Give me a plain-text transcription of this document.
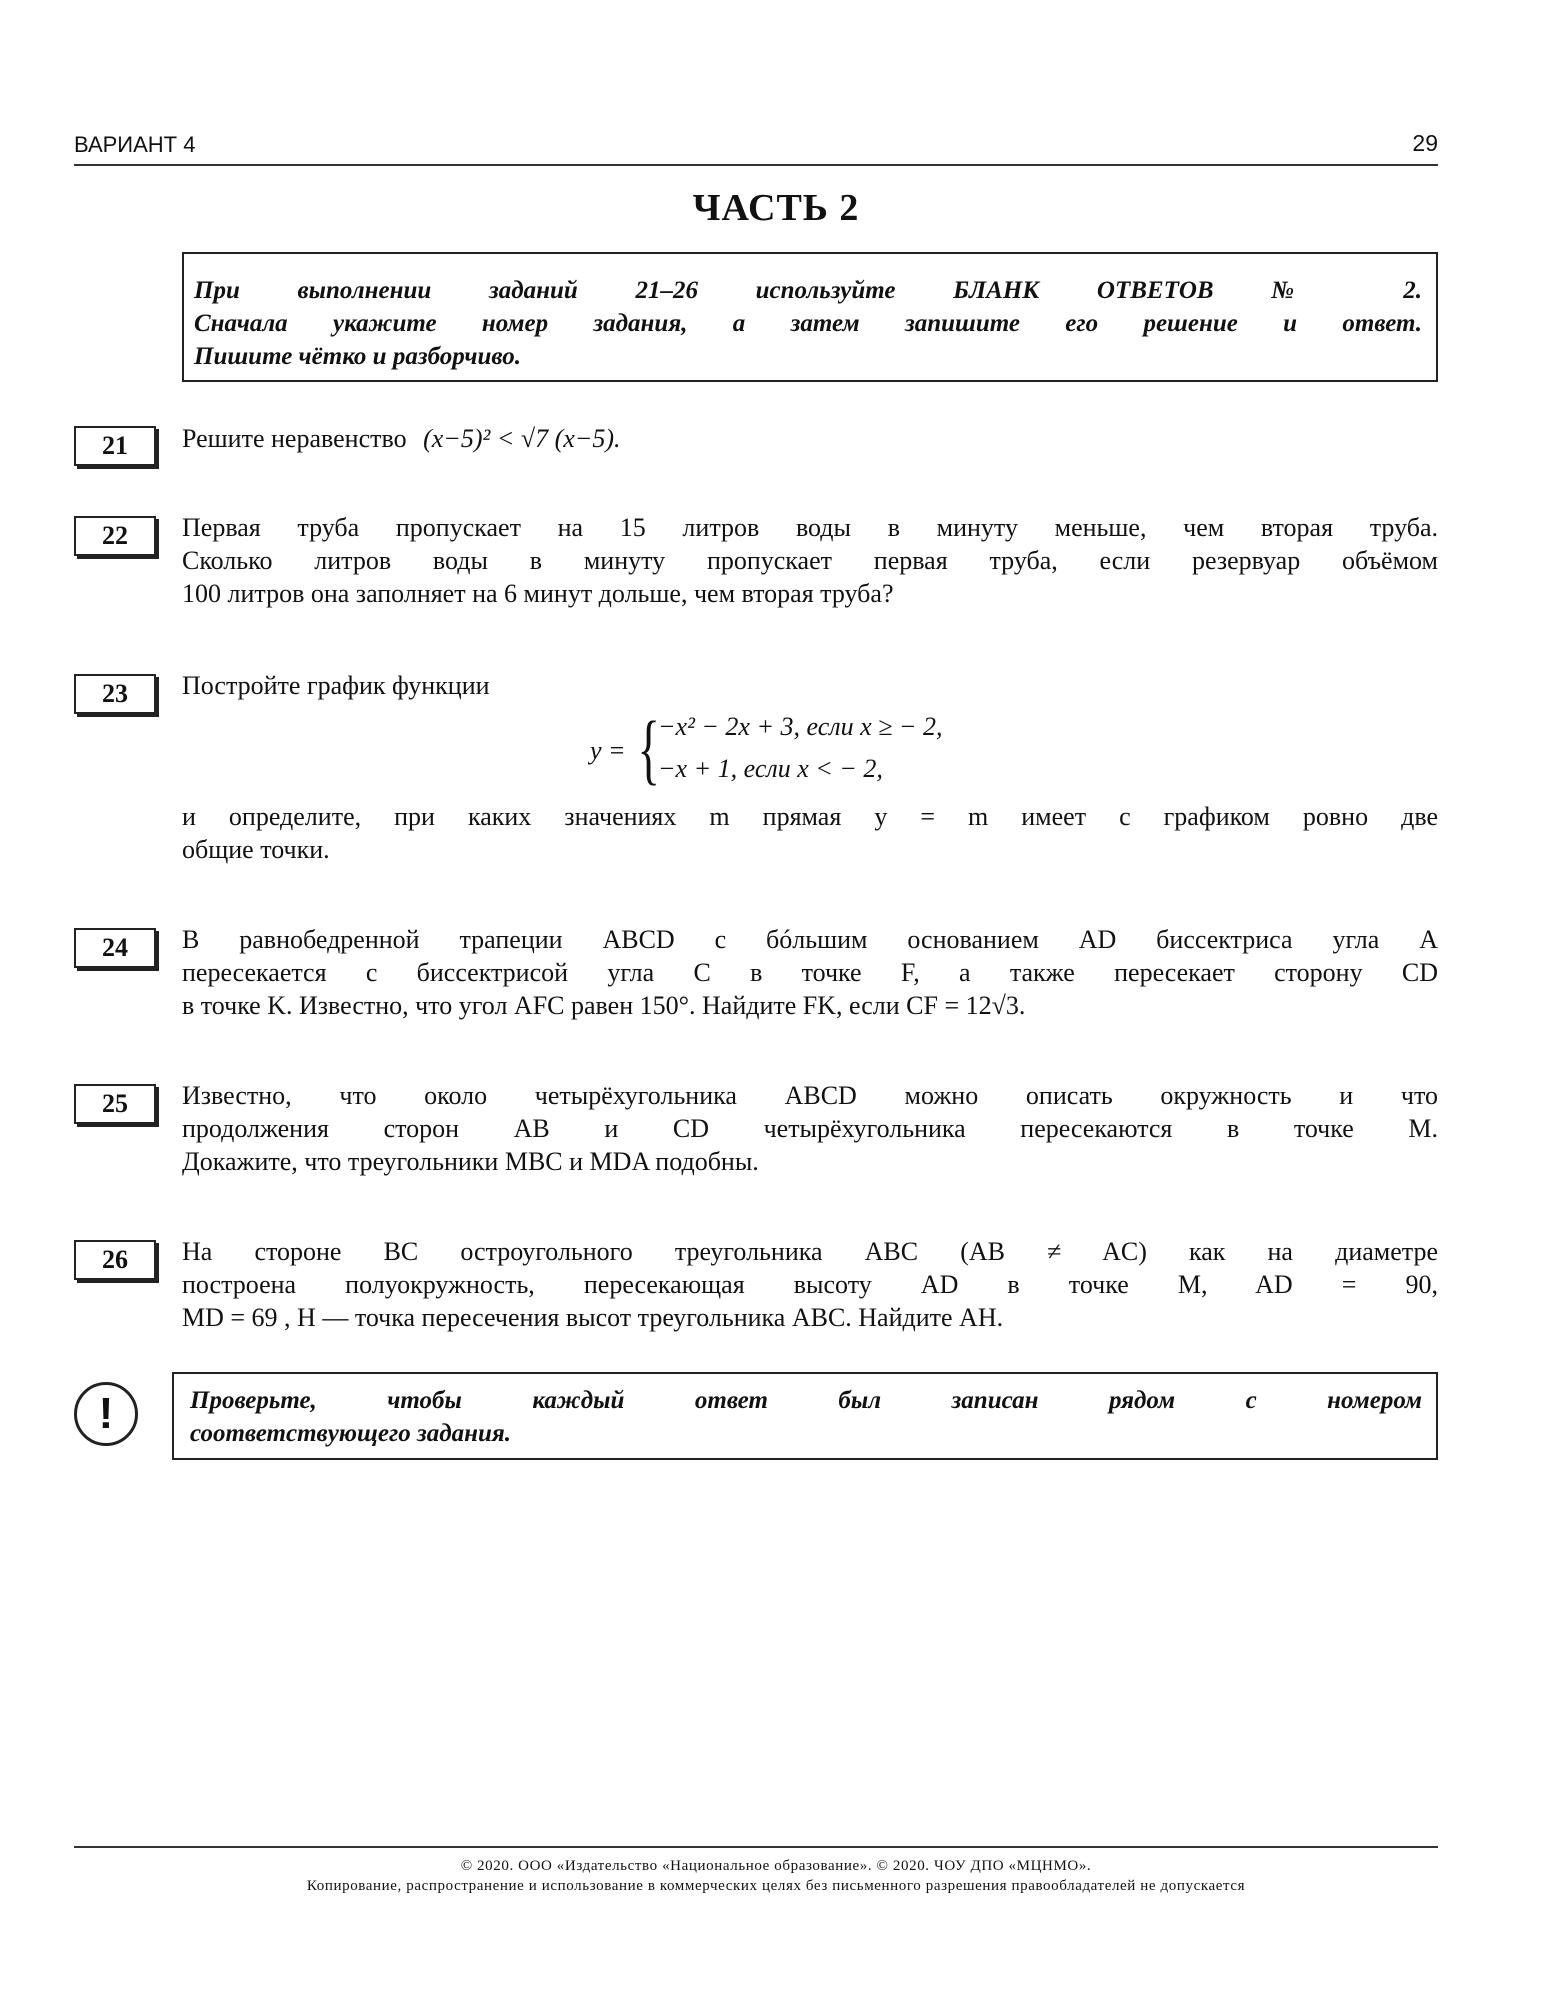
ВАРИАНТ 4	29
ЧАСТЬ 2
При выполнении заданий 21–26 используйте БЛАНК ОТВЕТОВ № 2.
Сначала укажите номер задания, а затем запишите его решение и ответ.
Пишите чётко и разборчиво.
21	Решите неравенство (x−5)² < √7 (x−5).
22	Первая труба пропускает на 15 литров воды в минуту меньше, чем вторая труба.
Сколько литров воды в минуту пропускает первая труба, если резервуар объёмом
100 литров она заполняет на 6 минут дольше, чем вторая труба?
23	Постройте график функции
y = {
−x² − 2x + 3, если x ≥ − 2,
−x + 1, если x < − 2,
и определите, при каких значениях m прямая y = m имеет с графиком ровно две
общие точки.
24	В равнобедренной трапеции ABCD с бóльшим основанием AD биссектриса угла A
пересекается с биссектрисой угла C в точке F, а также пересекает сторону CD
в точке K. Известно, что угол AFC равен 150°. Найдите FK, если CF = 12√3.
25	Известно, что около четырёхугольника ABCD можно описать окружность и что
продолжения сторон AB и CD четырёхугольника пересекаются в точке M.
Докажите, что треугольники MBC и MDA подобны.
26	На стороне BC остроугольного треугольника ABC (AB ≠ AC) как на диаметре
построена полуокружность, пересекающая высоту AD в точке M, AD = 90,
MD = 69 , H — точка пересечения высот треугольника ABC. Найдите AH.
!	Проверьте, чтобы каждый ответ был записан рядом с номером
соответствующего задания.
© 2020. ООО «Издательство «Национальное образование». © 2020. ЧОУ ДПО «МЦНМО».
Копирование, распространение и использование в коммерческих целях без письменного разрешения правообладателей не допускается
